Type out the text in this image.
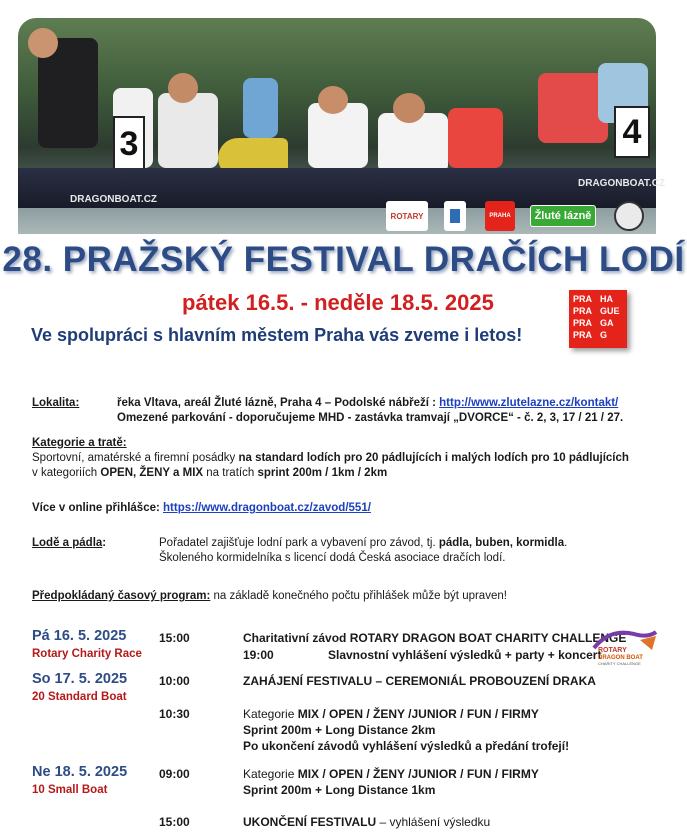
3	4
DRAGONBOAT.CZ
DRAGONBOAT.CZ
ROTARY	PRAHA	Žluté lázně
28. PRAŽSKÝ FESTIVAL DRAČÍCH LODÍ
pátek 16.5. - neděle 18.5. 2025
Ve spolupráci s hlavním městem Praha vás zveme i letos!
PRA HA
PRA GUE
PRA GA
PRA G
Lokalita:	řeka Vltava, areál Žluté lázně, Praha 4 – Podolské nábřeží : http://www.zlutelazne.cz/kontakt/
Omezené parkování - doporučujeme MHD - zastávka tramvají „DVORCE“ - č. 2, 3, 17 / 21 / 27.
Kategorie a tratě:
Sportovní, amatérské a firemní posádky na standard lodích pro 20 pádlujících i malých lodích pro 10 pádlujících
v kategoriích OPEN, ŽENY a MIX na tratích sprint 200m / 1km / 2km
Více v online přihlášce: https://www.dragonboat.cz/zavod/551/
Lodě a pádla:	Pořadatel zajišťuje lodní park a vybavení pro závod, tj. pádla, buben, kormidla.
Školeného kormidelníka s licencí dodá Česká asociace dračích lodí.
Předpokládaný časový program: na základě konečného počtu přihlášek může být upraven!
Pá 16. 5. 2025
Rotary Charity Race
15:00	Charitativní závod ROTARY DRAGON BOAT CHARITY CHALLENGE
19:00	Slavnostní vyhlášení výsledků + party + koncert
ROTARY
DRAGON BOAT
CHARITY CHALLENGE
So 17. 5. 2025
20 Standard Boat
10:00	ZAHÁJENÍ FESTIVALU – CEREMONIÁL PROBOUZENÍ DRAKA
10:30	Kategorie MIX / OPEN / ŽENY /JUNIOR / FUN / FIRMY
Sprint 200m + Long Distance 2km
Po ukončení závodů vyhlášení výsledků a předání trofejí!
Ne 18. 5. 2025
10 Small Boat
09:00	Kategorie MIX / OPEN / ŽENY /JUNIOR / FUN / FIRMY
Sprint 200m + Long Distance 1km
15:00	UKONČENÍ FESTIVALU – vyhlášení výsledku
